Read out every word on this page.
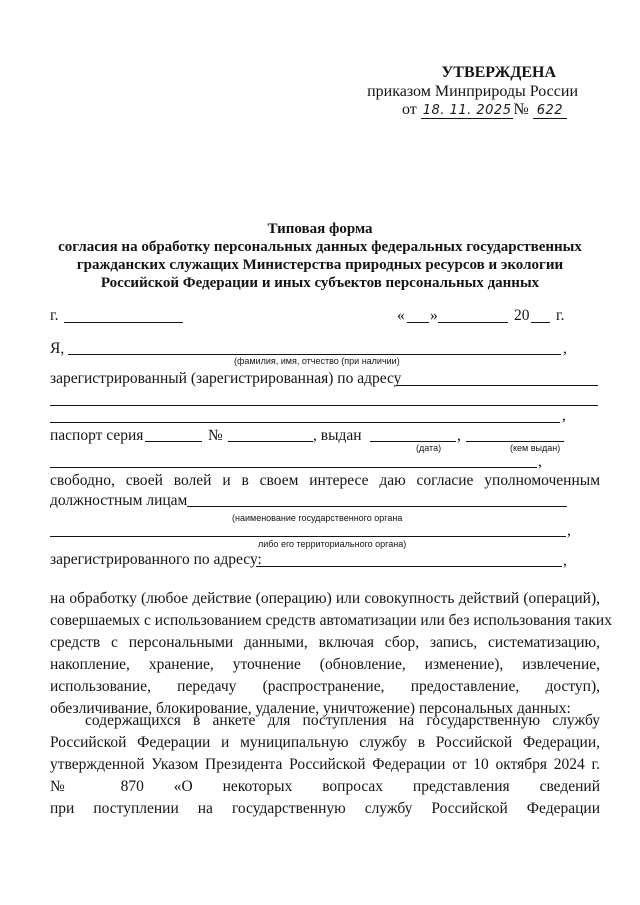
УТВЕРЖДЕНА
приказом Минприроды России
от 18. 11. 2025 № 622
Типовая форма
согласия на обработку персональных данных федеральных государственных
гражданских служащих Министерства природных ресурсов и экологии
Российской Федерации и иных субъектов персональных данных
г.	« »	20 г.
Я,	,
(фамилия, имя, отчество (при наличии)
зарегистрированный (зарегистрированная) по адресу
,
паспорт серия	№	, выдан	,
(дата)	(кем выдан)
,
свободно, своей волей и в своем интересе даю согласие уполномоченным
должностным лицам
(наименование государственного органа
,
либо его территориального органа)
зарегистрированного по адресу:	,
на обработку (любое действие (операцию) или совокупность действий (операций),
совершаемых с использованием средств автоматизации или без использования таких
средств с персональными данными, включая сбор, запись, систематизацию,
накопление, хранение, уточнение (обновление, изменение), извлечение,
использование, передачу (распространение, предоставление, доступ),
обезличивание, блокирование, удаление, уничтожение) персональных данных:
содержащихся в анкете для поступления на государственную службу
Российской Федерации и муниципальную службу в Российской Федерации,
утвержденной Указом Президента Российской Федерации от 10 октября 2024 г.
№ 870 «О некоторых вопросах представления сведений
при поступлении на государственную службу Российской Федерации
